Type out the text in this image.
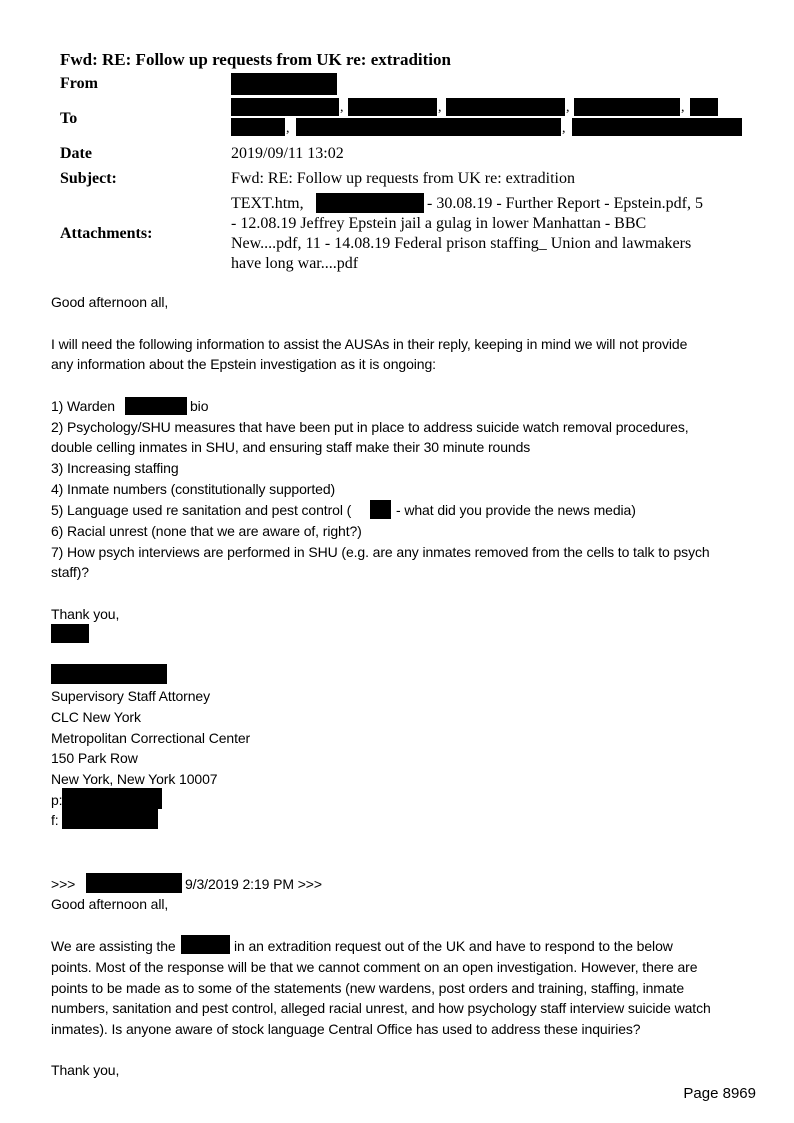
Fwd: RE: Follow up requests from UK re: extradition
From
To
,	,	,	,
,	,
Date	2019/09/11 13:02
Subject:	Fwd: RE: Follow up requests from UK re: extradition
Attachments:
TEXT.htm,	- 30.08.19 - Further Report - Epstein.pdf, 5
- 12.08.19 Jeffrey Epstein jail a gulag in lower Manhattan - BBC
New....pdf, 11 - 14.08.19 Federal prison staffing_ Union and lawmakers
have long war....pdf
Good afternoon all,
I will need the following information to assist the AUSAs in their reply, keeping in mind we will not provide
any information about the Epstein investigation as it is ongoing:
1) Warden	bio
2) Psychology/SHU measures that have been put in place to address suicide watch removal procedures,
double celling inmates in SHU, and ensuring staff make their 30 minute rounds
3) Increasing staffing
4) Inmate numbers (constitutionally supported)
5) Language used re sanitation and pest control (	- what did you provide the news media)
6) Racial unrest (none that we are aware of, right?)
7) How psych interviews are performed in SHU (e.g. are any inmates removed from the cells to talk to psych
staff)?
Thank you,
Supervisory Staff Attorney
CLC New York
Metropolitan Correctional Center
150 Park Row
New York, New York 10007
p:
f:
>>>	9/3/2019 2:19 PM >>>
Good afternoon all,
We are assisting the	in an extradition request out of the UK and have to respond to the below
points. Most of the response will be that we cannot comment on an open investigation. However, there are
points to be made as to some of the statements (new wardens, post orders and training, staffing, inmate
numbers, sanitation and pest control, alleged racial unrest, and how psychology staff interview suicide watch
inmates). Is anyone aware of stock language Central Office has used to address these inquiries?
Thank you,
Page 8969
